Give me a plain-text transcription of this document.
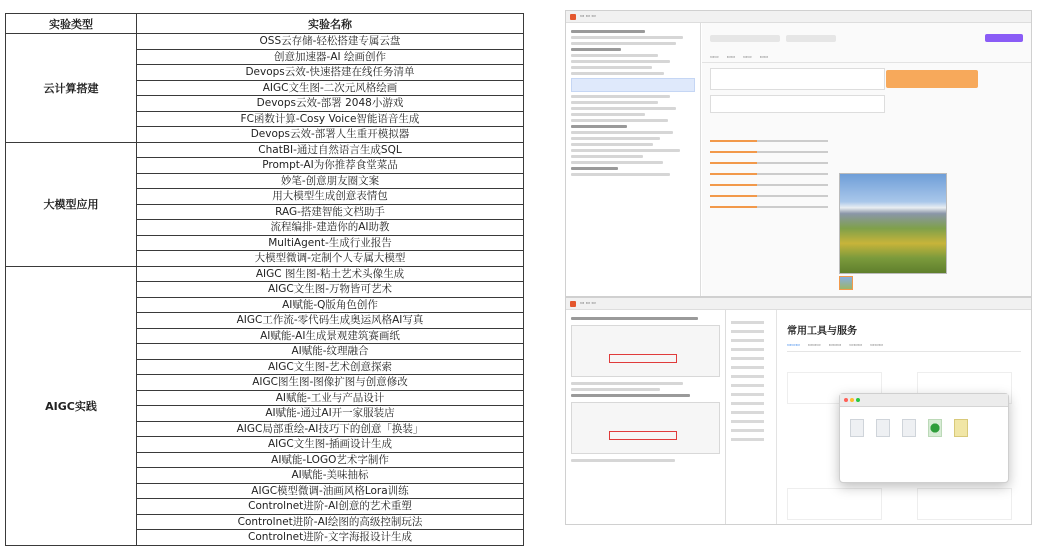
实验类型	实验名称
云计算搭建	OSS云存储-轻松搭建专属云盘
	创意加速器-AI 绘画创作
	Devops云效-快速搭建在线任务清单
	AIGC文生图-二次元风格绘画
	Devops云效-部署 2048小游戏
	FC函数计算-Cosy Voice智能语音生成
	Devops云效-部署人生重开模拟器
大模型应用	ChatBI-通过自然语言生成SQL
	Prompt-AI为你推荐食堂菜品
	妙笔-创意朋友圈文案
	用大模型生成创意表情包
	RAG-搭建智能文档助手
	流程编排-建造你的AI助教
	MultiAgent-生成行业报告
	大模型微调-定制个人专属大模型
AIGC实践	AIGC 图生图-粘土艺术头像生成
	AIGC文生图-万物皆可艺术
	AI赋能-Q版角色创作
	AIGC工作流-零代码生成奥运风格AI写真
	AI赋能-AI生成景观建筑赛画纸
	AI赋能-纹理融合
	AIGC文生图-艺术创意探索
	AIGC图生图-图像扩图与创意修改
	AI赋能-工业与产品设计
	AI赋能-通过AI开一家服装店
	AIGC局部重绘-AI技巧下的创意「换装」
	AIGC文生图-插画设计生成
	AI赋能-LOGO艺术字制作
	AI赋能-美味抽标
	AIGC模型微调-油画风格Lora训练
	Controlnet进阶-AI创意的艺术重塑
	Controlnet进阶-AI绘图的高级控制玩法
	Controlnet进阶-文字海报设计生成
▭ ▭ ▭
▭▭ ▭▭ ▭▭ ▭▭
▭ ▭ ▭
常用工具与服务
▭▭▭ ▭▭▭ ▭▭▭ ▭▭▭ ▭▭▭
